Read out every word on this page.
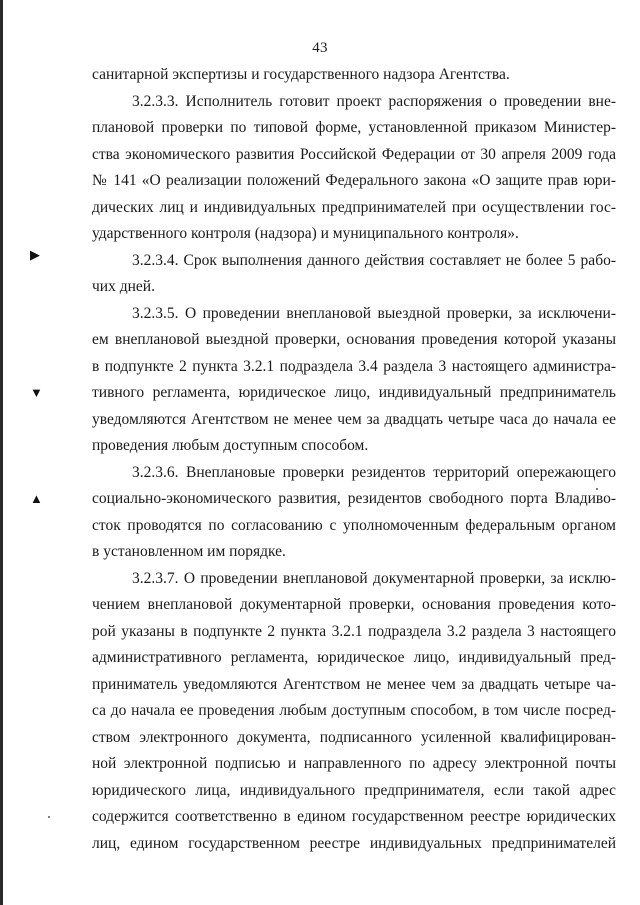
43
санитарной экспертизы и государственного надзора Агентства.
3.2.3.3. Исполнитель готовит проект распоряжения о проведении вне-
плановой проверки по типовой форме, установленной приказом Министер-
ства экономического развития Российской Федерации от 30 апреля 2009 года
№ 141 «О реализации положений Федерального закона «О защите прав юри-
дических лиц и индивидуальных предпринимателей при осуществлении гос-
ударственного контроля (надзора) и муниципального контроля».
3.2.3.4. Срок выполнения данного действия составляет не более 5 рабо-
чих дней.
3.2.3.5. О проведении внеплановой выездной проверки, за исключени-
ем внеплановой выездной проверки, основания проведения которой указаны
в подпункте 2 пункта 3.2.1 подраздела 3.4 раздела 3 настоящего администра-
тивного регламента, юридическое лицо, индивидуальный предприниматель
уведомляются Агентством не менее чем за двадцать четыре часа до начала ее
проведения любым доступным способом.
3.2.3.6. Внеплановые проверки резидентов территорий опережающего
социально-экономического развития, резидентов свободного порта Владиво-
сток проводятся по согласованию с уполномоченным федеральным органом
в установленном им порядке.
3.2.3.7. О проведении внеплановой документарной проверки, за исклю-
чением внеплановой документарной проверки, основания проведения кото-
рой указаны в подпункте 2 пункта 3.2.1 подраздела 3.2 раздела 3 настоящего
административного регламента, юридическое лицо, индивидуальный пред-
приниматель уведомляются Агентством не менее чем за двадцать четыре ча-
са до начала ее проведения любым доступным способом, в том числе посред-
ством электронного документа, подписанного усиленной квалифицирован-
ной электронной подписью и направленного по адресу электронной почты
юридического лица, индивидуального предпринимателя, если такой адрес
содержится соответственно в едином государственном реестре юридических
лиц, едином государственном реестре индивидуальных предпринимателей
▶
▼
▲
